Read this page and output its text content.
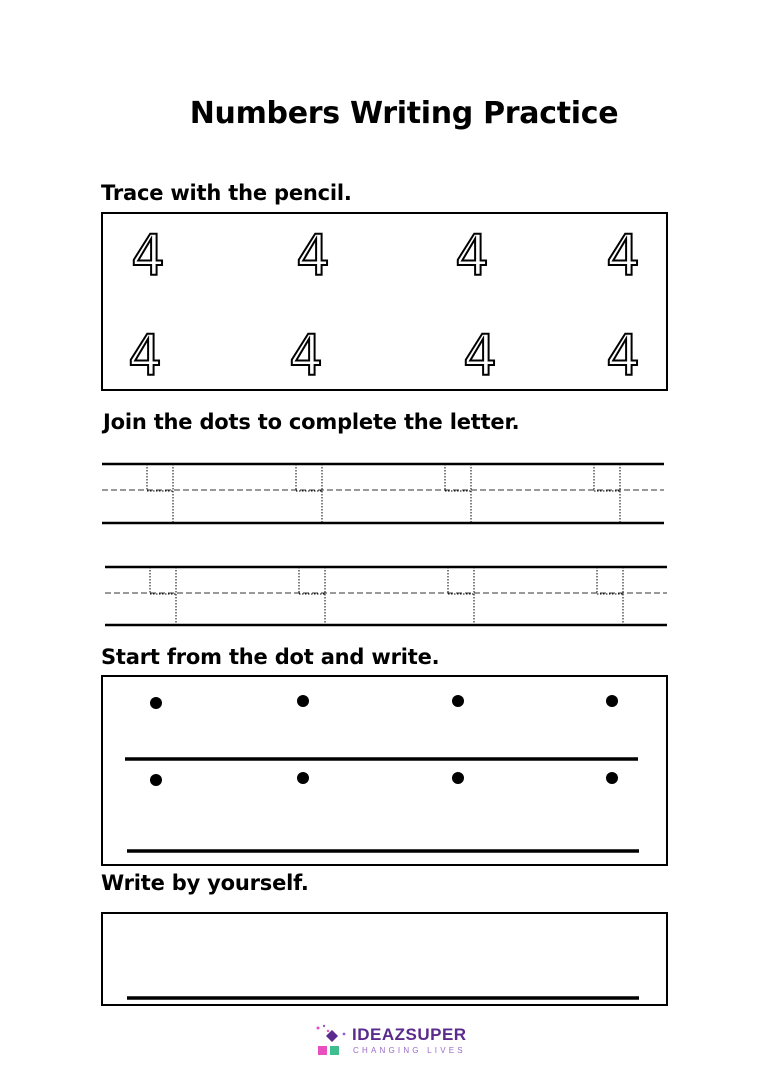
Numbers Writing Practice
Trace with the pencil.
4 4 4 4
4 4	4 4
Join the dots to complete the letter.
Start from the dot and write.
Write by yourself.
IDEAZSUPER
CHANGING LIVES
